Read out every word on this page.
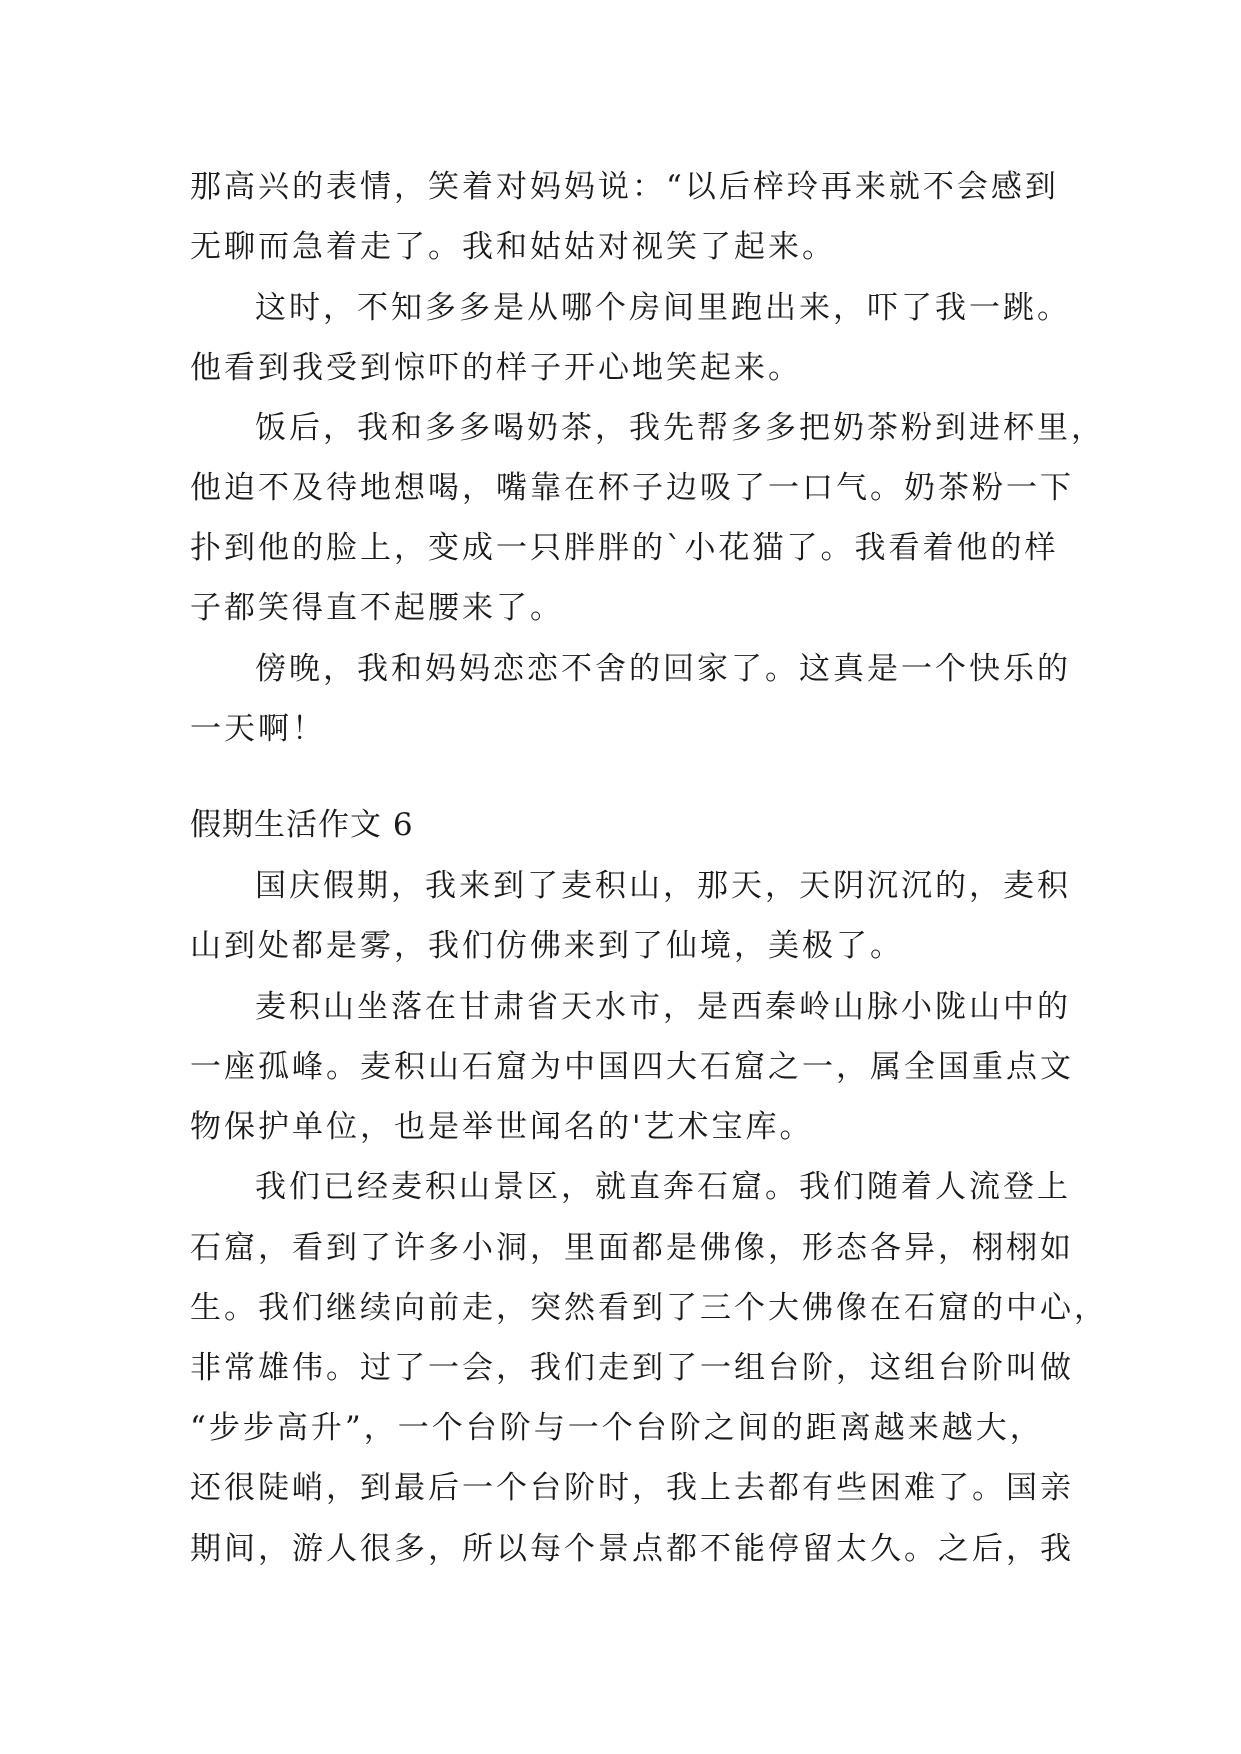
那高兴的表情，笑着对妈妈说：“以后梓玲再来就不会感到
无聊而急着走了。我和姑姑对视笑了起来。
这时，不知多多是从哪个房间里跑出来，吓了我一跳。
他看到我受到惊吓的样子开心地笑起来。
饭后，我和多多喝奶茶，我先帮多多把奶茶粉到进杯里，
他迫不及待地想喝，嘴靠在杯子边吸了一口气。奶茶粉一下
扑到他的脸上，变成一只胖胖的`小花猫了。我看着他的样
子都笑得直不起腰来了。
傍晚，我和妈妈恋恋不舍的回家了。这真是一个快乐的
一天啊！
假期生活作文 6
国庆假期，我来到了麦积山，那天，天阴沉沉的，麦积
山到处都是雾，我们仿佛来到了仙境，美极了。
麦积山坐落在甘肃省天水市，是西秦岭山脉小陇山中的
一座孤峰。麦积山石窟为中国四大石窟之一，属全国重点文
物保护单位，也是举世闻名的'艺术宝库。
我们已经麦积山景区，就直奔石窟。我们随着人流登上
石窟，看到了许多小洞，里面都是佛像，形态各异，栩栩如
生。我们继续向前走，突然看到了三个大佛像在石窟的中心，
非常雄伟。过了一会，我们走到了一组台阶，这组台阶叫做
“步步高升”，一个台阶与一个台阶之间的距离越来越大，
还很陡峭，到最后一个台阶时，我上去都有些困难了。国亲
期间，游人很多，所以每个景点都不能停留太久。之后，我
